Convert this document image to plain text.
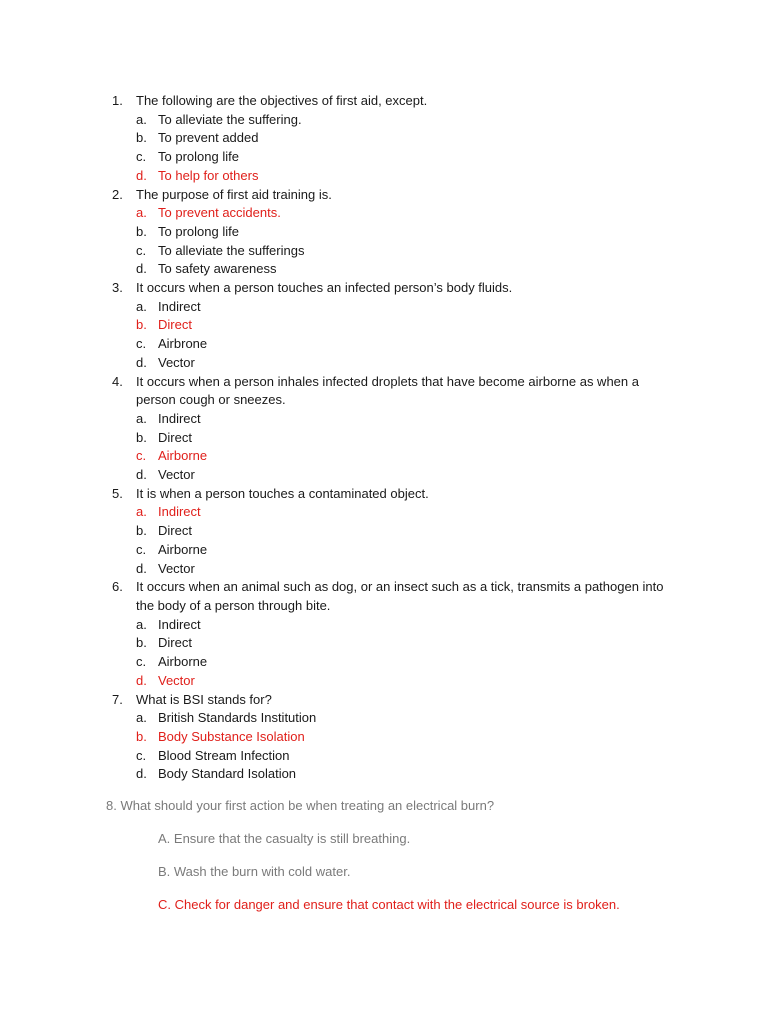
1. The following are the objectives of first aid, except.
a. To alleviate the suffering.
b. To prevent added
c. To prolong life
d. To help for others
2. The purpose of first aid training is.
a. To prevent accidents.
b. To prolong life
c. To alleviate the sufferings
d. To safety awareness
3. It occurs when a person touches an infected person’s body fluids.
a. Indirect
b. Direct
c. Airbrone
d. Vector
4. It occurs when a person inhales infected droplets that have become airborne as when a person cough or sneezes.
a. Indirect
b. Direct
c. Airborne
d. Vector
5. It is when a person touches a contaminated object.
a. Indirect
b. Direct
c. Airborne
d. Vector
6. It occurs when an animal such as dog, or an insect such as a tick, transmits a pathogen into the body of a person through bite.
a. Indirect
b. Direct
c. Airborne
d. Vector
7. What is BSI stands for?
a. British Standards Institution
b. Body Substance Isolation
c. Blood Stream Infection
d. Body Standard Isolation
8. What should your first action be when treating an electrical burn?
A. Ensure that the casualty is still breathing.
B. Wash the burn with cold water.
C. Check for danger and ensure that contact with the electrical source is broken.
